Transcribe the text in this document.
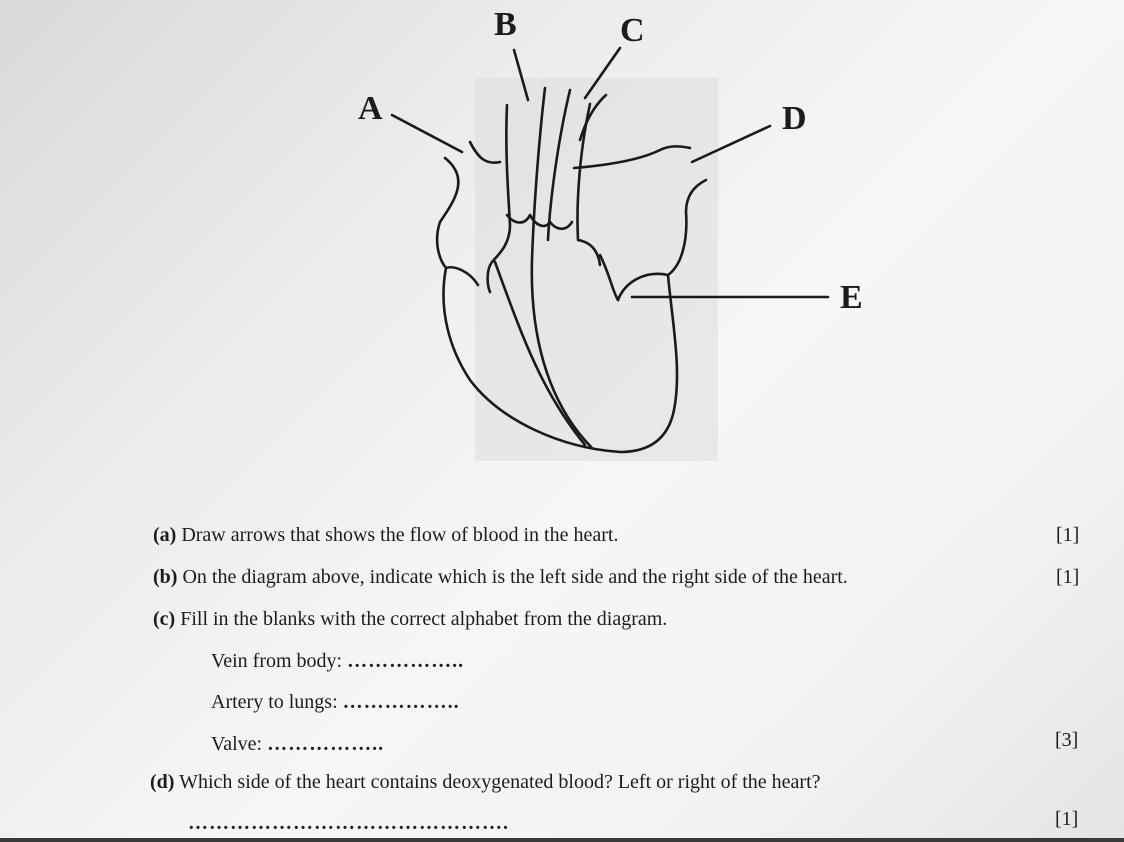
A
B	C
D
E
(a) Draw arrows that shows the flow of blood in the heart.	[1]
(b) On the diagram above, indicate which is the left side and the right side of the heart.	[1]
(c) Fill in the blanks with the correct alphabet from the diagram.
Vein from body: ……………..
Artery to lungs: ……………..
Valve: ……………..	[3]
(d) Which side of the heart contains deoxygenated blood? Left or right of the heart?
……………………………………….	[1]
